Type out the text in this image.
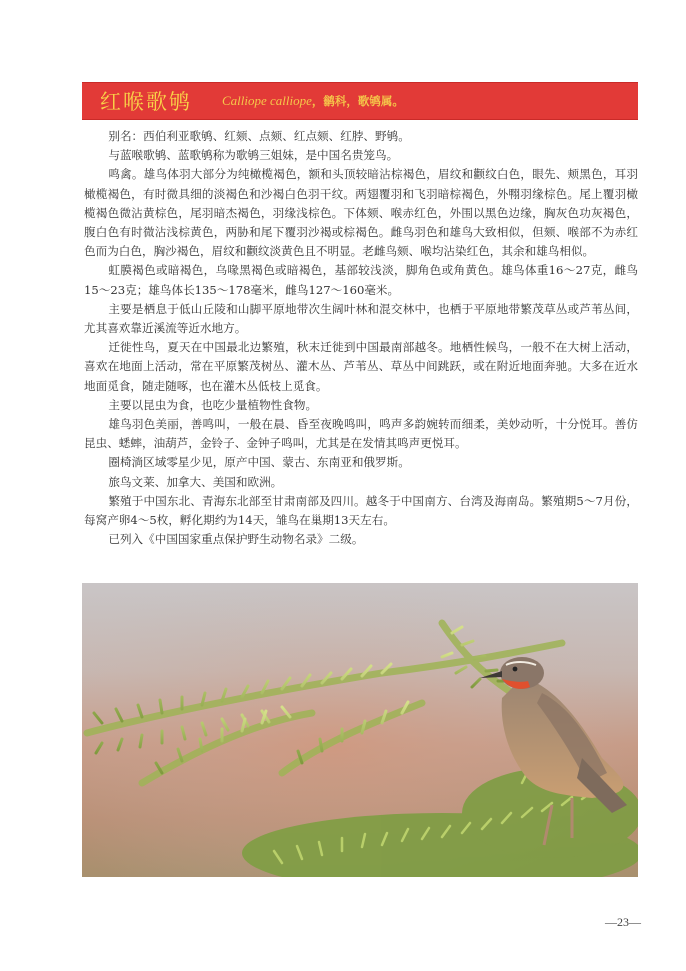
红喉歌鸲 Calliope calliope，鹟科，歌鸲属。

别名：西伯利亚歌鸲、红颏、点颏、红点颏、红脖、野鸲。

与蓝喉歌鸲、蓝歌鸲称为歌鸲三姐妹，是中国名贵笼鸟。

鸣禽。雄鸟体羽大部分为纯橄榄褐色，额和头顶较暗沾棕褐色，眉纹和颧纹白色，眼先、颊黑色，耳羽橄榄褐色，有时微具细的淡褐色和沙褐白色羽干纹。两翅覆羽和飞羽暗棕褐色，外翈羽缘棕色。尾上覆羽橄榄褐色微沾黄棕色，尾羽暗杰褐色，羽缘浅棕色。下体颏、喉赤红色，外围以黑色边缘，胸灰色功灰褐色，腹白色有时微沾浅棕黄色，两胁和尾下覆羽沙褐或棕褐色。雌鸟羽色和雄鸟大致相似，但颏、喉部不为赤红色而为白色，胸沙褐色，眉纹和颧纹淡黄色且不明显。老雌鸟颏、喉均沾染红色，其余和雄鸟相似。

虹膜褐色或暗褐色，乌喙黑褐色或暗褐色，基部较浅淡，脚角色或角黄色。雄鸟体重16～27克，雌鸟15～23克；雄鸟体长135～178毫米，雌鸟127～160毫米。

主要是栖息于低山丘陵和山脚平原地带次生阔叶林和混交林中，也栖于平原地带繁茂草丛或芦苇丛间，尤其喜欢靠近溪流等近水地方。

迁徙性鸟，夏天在中国最北边繁殖，秋末迁徙到中国最南部越冬。地栖性候鸟，一般不在大树上活动，喜欢在地面上活动，常在平原繁茂树丛、灌木丛、芦苇丛、草丛中间跳跃，或在附近地面奔驰。大多在近水地面觅食，随走随啄，也在灌木丛低枝上觅食。

主要以昆虫为食，也吃少量植物性食物。

雄鸟羽色美丽，善鸣叫，一般在晨、昏至夜晚鸣叫，鸣声多韵婉转而细柔，美妙动听，十分悦耳。善仿昆虫、蟋蟀，油葫芦，金铃子、金钟子鸣叫，尤其是在发情其鸣声更悦耳。

圈椅淌区域零星少见，原产中国、蒙古、东南亚和俄罗斯。

旅鸟文莱、加拿大、美国和欧洲。

繁殖于中国东北、青海东北部至甘肃南部及四川。越冬于中国南方、台湾及海南岛。繁殖期5～7月份，每窝产卵4～5枚，孵化期约为14天，雏鸟在巢期13天左右。

已列入《中国国家重点保护野生动物名录》二级。

—23—
